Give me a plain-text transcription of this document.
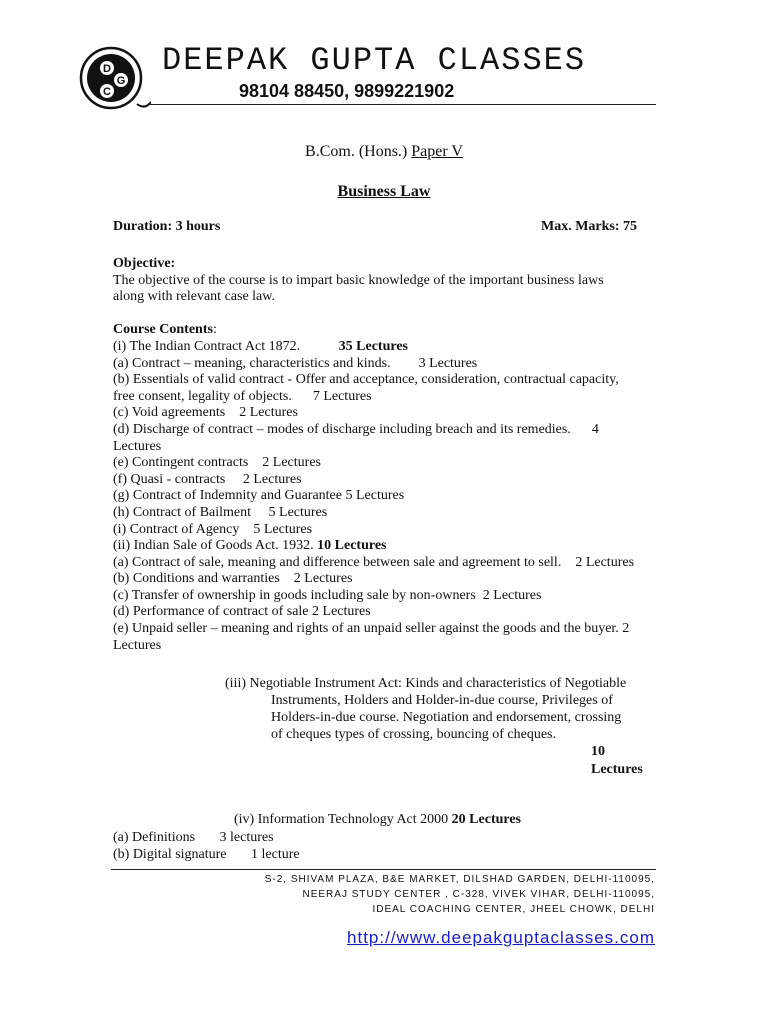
D
G
C
DEEPAK GUPTA CLASSES
98104 88450, 9899221902
B.Com. (Hons.) Paper V
Business Law
Duration: 3 hours	Max. Marks: 75
Objective:
The objective of the course is to impart basic knowledge of the important business laws
along with relevant case law.
Course Contents:
(i) The Indian Contract Act 1872.	35 Lectures
(a) Contract – meaning, characteristics and kinds.        3 Lectures
(b) Essentials of valid contract - Offer and acceptance, consideration, contractual capacity,
free consent, legality of objects.      7 Lectures
(c) Void agreements    2 Lectures
(d) Discharge of contract – modes of discharge including breach and its remedies.      4
Lectures
(e) Contingent contracts    2 Lectures
(f) Quasi - contracts     2 Lectures
(g) Contract of Indemnity and Guarantee 5 Lectures
(h) Contract of Bailment     5 Lectures
(i) Contract of Agency    5 Lectures
(ii) Indian Sale of Goods Act. 1932. 10 Lectures
(a) Contract of sale, meaning and difference between sale and agreement to sell.    2 Lectures
(b) Conditions and warranties    2 Lectures
(c) Transfer of ownership in goods including sale by non-owners  2 Lectures
(d) Performance of contract of sale 2 Lectures
(e) Unpaid seller – meaning and rights of an unpaid seller against the goods and the buyer. 2
Lectures
(iii) Negotiable Instrument Act: Kinds and characteristics of Negotiable
Instruments, Holders and Holder-in-due course, Privileges of
Holders-in-due course. Negotiation and endorsement, crossing
of cheques types of crossing, bouncing of cheques.
10
Lectures
(iv) Information Technology Act 2000 20 Lectures
(a) Definitions       3 lectures
(b) Digital signature       1 lecture
S-2, SHIVAM PLAZA, B&E MARKET, DILSHAD GARDEN, DELHI-110095,
NEERAJ STUDY CENTER , C-328, VIVEK VIHAR, DELHI-110095,
IDEAL COACHING CENTER, JHEEL CHOWK, DELHI
http://www.deepakguptaclasses.com
